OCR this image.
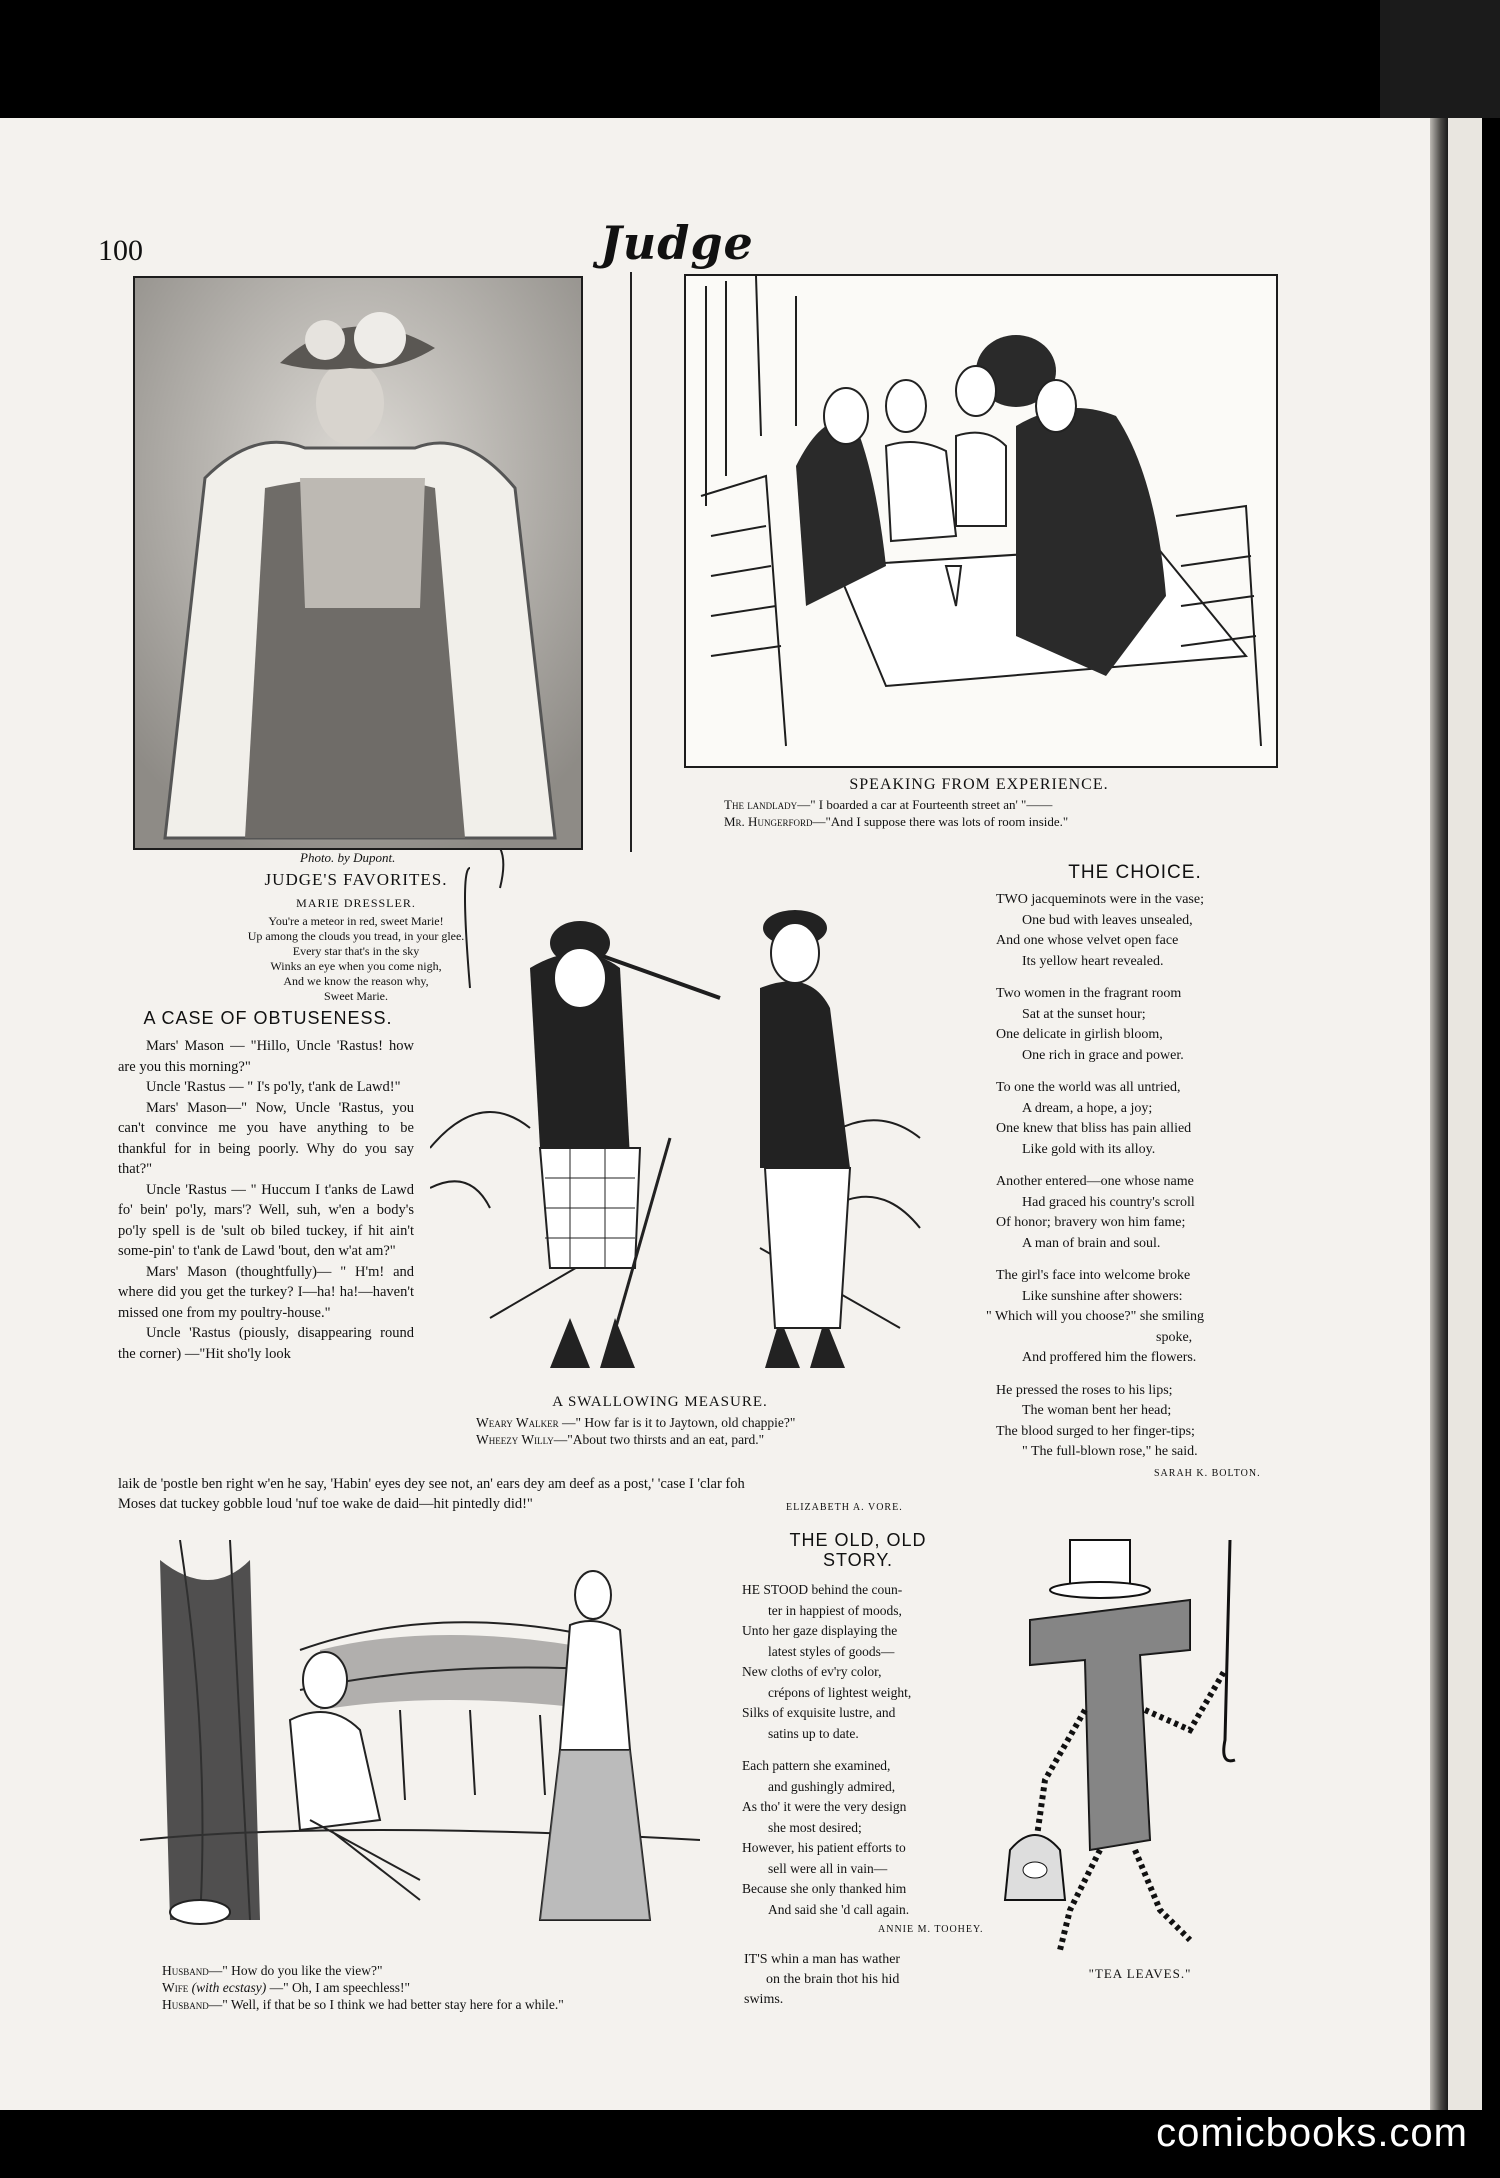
100	Judge
Photo. by Dupont.
JUDGE'S FAVORITES.
MARIE DRESSLER.
You're a meteor in red, sweet Marie!
Up among the clouds you tread, in your glee.
Every star that's in the sky
Winks an eye when you come nigh,
And we know the reason why,
Sweet Marie.
SPEAKING FROM EXPERIENCE.
The landlady—" I boarded a car at Fourteenth street an' "——
Mr. Hungerford—"And I suppose there was lots of room inside."
A CASE OF OBTUSENESS.

Mars' Mason — "Hillo, Uncle 'Rastus! how are you this morning?"

Uncle 'Rastus — " I's po'ly, t'ank de Lawd!"

Mars' Mason—" Now, Uncle 'Rastus, you can't convince me you have anything to be thankful for in being poorly. Why do you say that?"

Uncle 'Rastus — " Huccum I t'anks de Lawd fo' bein' po'ly, mars'? Well, suh, w'en a body's po'ly spell is de 'sult ob biled tuckey, if hit ain't some-pin' to t'ank de Lawd 'bout, den w'at am?"

Mars' Mason (thoughtfully)— " H'm! and where did you get the turkey? I—ha! ha!—haven't missed one from my poultry-house."

Uncle 'Rastus (piously, disappearing round the corner) —"Hit sho'ly look

laik de 'postle ben right w'en he say, 'Habin' eyes dey see not, an' ears dey am deef as a post,' 'case I 'clar foh
Moses dat tuckey gobble loud 'nuf toe wake de daid—hit pintedly did!"	ELIZABETH A. VORE.
A SWALLOWING MEASURE.
Weary Walker —" How far is it to Jaytown, old chappie?"
Wheezy Willy—"About two thirsts and an eat, pard."
THE CHOICE.

TWO jacqueminots were in the vase;

One bud with leaves unsealed,

And one whose velvet open face

Its yellow heart revealed.

Two women in the fragrant room

Sat at the sunset hour;

One delicate in girlish bloom,

One rich in grace and power.

To one the world was all untried,

A dream, a hope, a joy;

One knew that bliss has pain allied

Like gold with its alloy.

Another entered—one whose name

Had graced his country's scroll

Of honor; bravery won him fame;

A man of brain and soul.

The girl's face into welcome broke

Like sunshine after showers:

" Which will you choose?" she smiling

spoke,

And proffered him the flowers.

He pressed the roses to his lips;

The woman bent her head;

The blood surged to her finger-tips;

" The full-blown rose," he said.

SARAH K. BOLTON.
Husband—" How do you like the view?"
Wife (with ecstasy) —" Oh, I am speechless!"
Husband—" Well, if that be so I think we had better stay here for a while."
THE OLD, OLD
STORY.

HE STOOD behind the coun-

ter in happiest of moods,

Unto her gaze displaying the

latest styles of goods—

New cloths of ev'ry color,

crépons of lightest weight,

Silks of exquisite lustre, and

satins up to date.

Each pattern she examined,

and gushingly admired,

As tho' it were the very design

she most desired;

However, his patient efforts to

sell were all in vain—

Because she only thanked him

And said she 'd call again.

ANNIE M. TOOHEY.
IT'S whin a man has wather
on the brain thot his hid
swims.
"TEA LEAVES."
comicbooks.com
